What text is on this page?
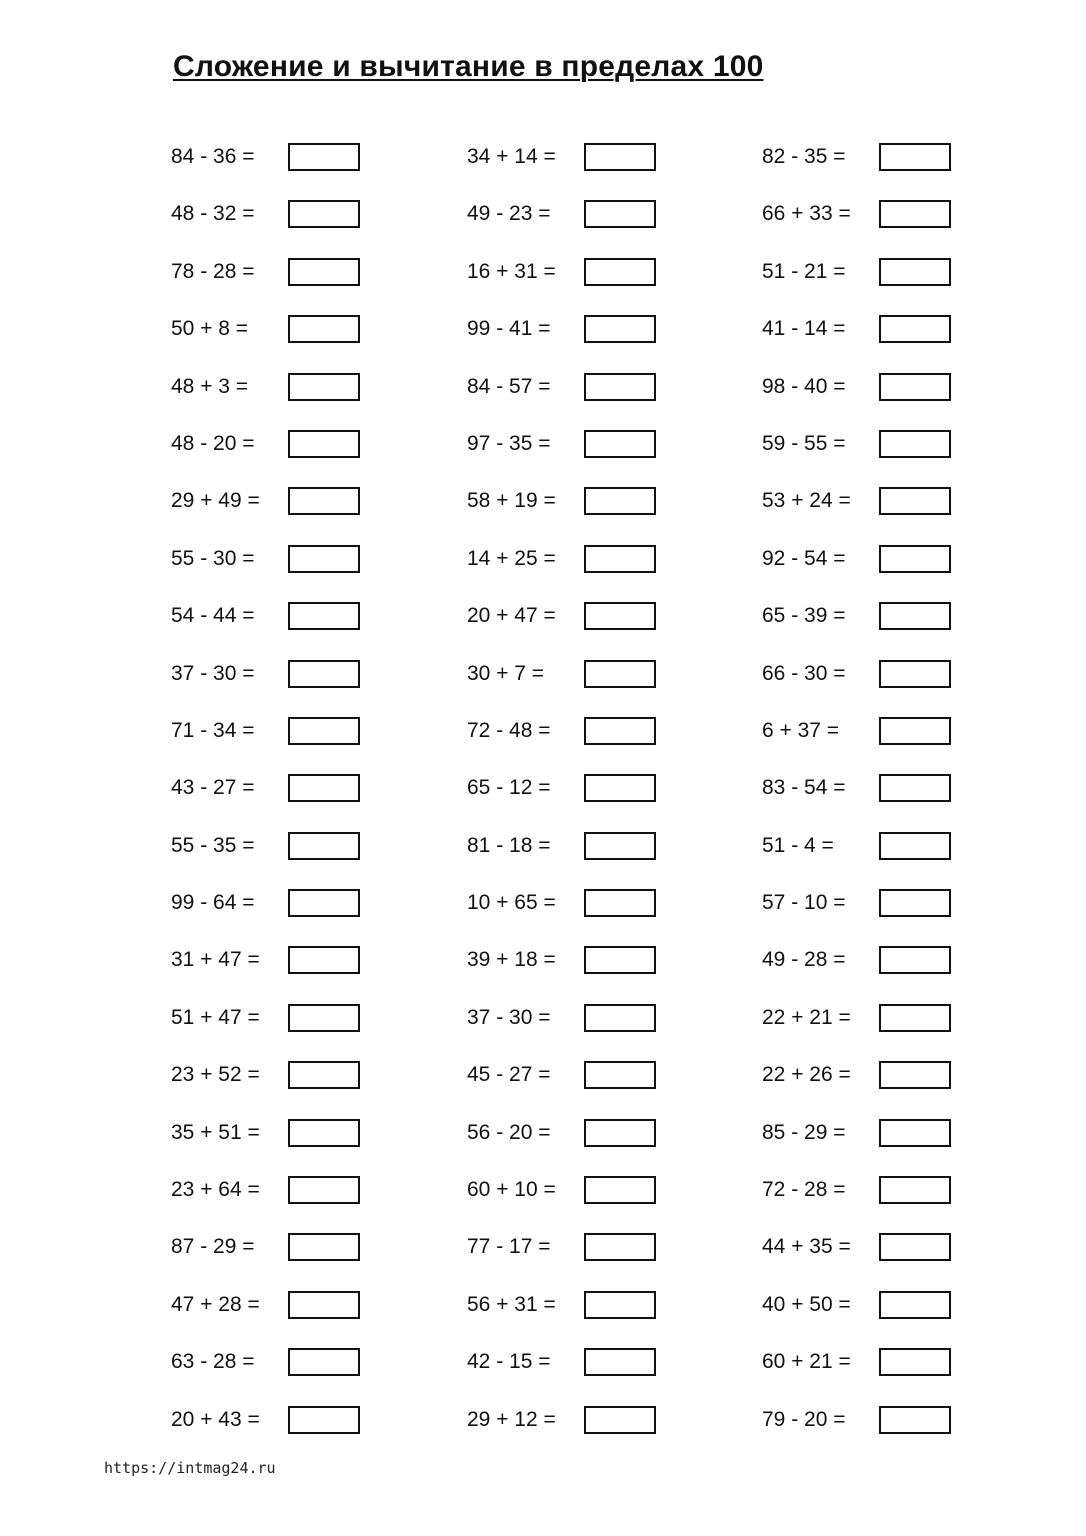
Сложение и вычитание в пределах 100
84 - 36 =
48 - 32 =
78 - 28 =
50 + 8 =
48 + 3 =
48 - 20 =
29 + 49 =
55 - 30 =
54 - 44 =
37 - 30 =
71 - 34 =
43 - 27 =
55 - 35 =
99 - 64 =
31 + 47 =
51 + 47 =
23 + 52 =
35 + 51 =
23 + 64 =
87 - 29 =
47 + 28 =
63 - 28 =
20 + 43 =
34 + 14 =
49 - 23 =
16 + 31 =
99 - 41 =
84 - 57 =
97 - 35 =
58 + 19 =
14 + 25 =
20 + 47 =
30 + 7 =
72 - 48 =
65 - 12 =
81 - 18 =
10 + 65 =
39 + 18 =
37 - 30 =
45 - 27 =
56 - 20 =
60 + 10 =
77 - 17 =
56 + 31 =
42 - 15 =
29 + 12 =
82 - 35 =
66 + 33 =
51 - 21 =
41 - 14 =
98 - 40 =
59 - 55 =
53 + 24 =
92 - 54 =
65 - 39 =
66 - 30 =
6 + 37 =
83 - 54 =
51 - 4 =
57 - 10 =
49 - 28 =
22 + 21 =
22 + 26 =
85 - 29 =
72 - 28 =
44 + 35 =
40 + 50 =
60 + 21 =
79 - 20 =
https://intmag24.ru
